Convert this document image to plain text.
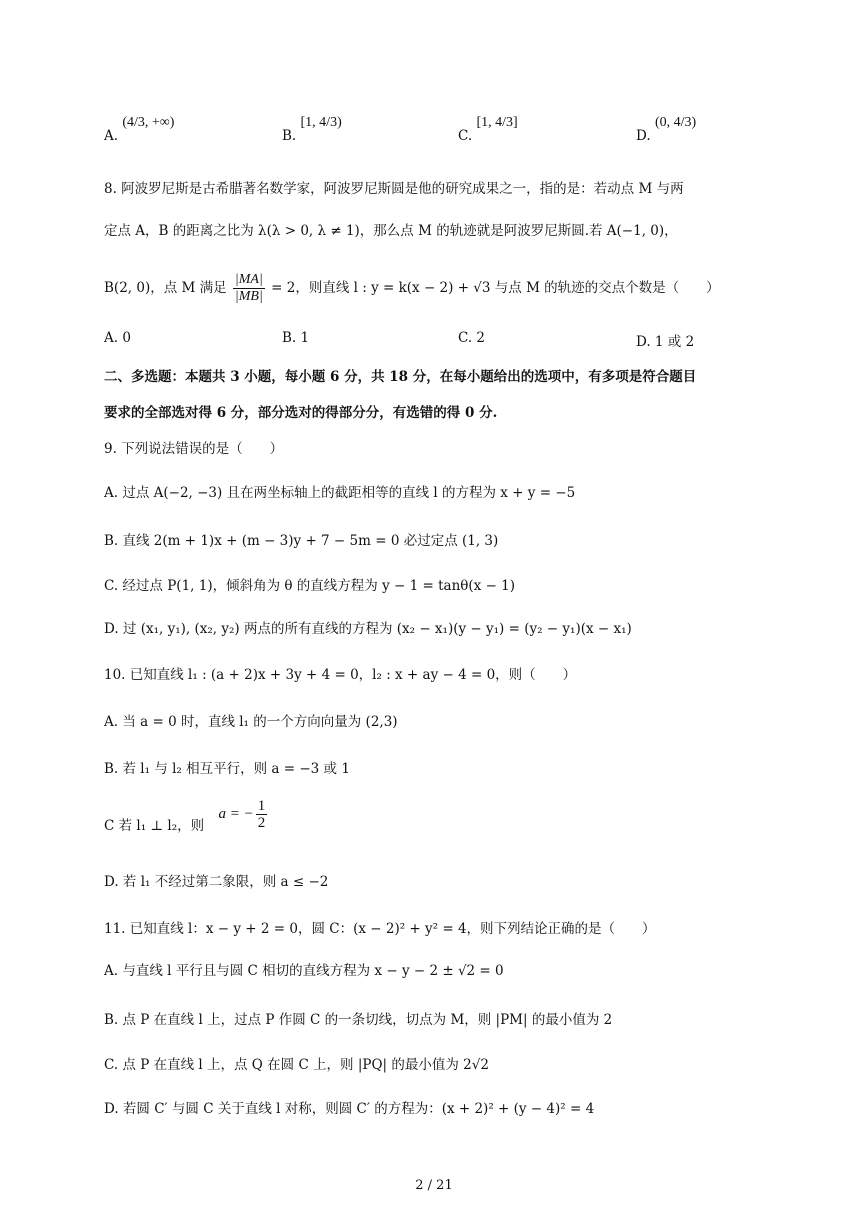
A. (4/3, +∞)
B. [1, 4/3)
C. [1, 4/3]
D. (0, 4/3)
8. 阿波罗尼斯是古希腊著名数学家，阿波罗尼斯圆是他的研究成果之一，指的是：若动点 M 与两
定点 A，B 的距离之比为 λ(λ > 0, λ ≠ 1)，那么点 M 的轨迹就是阿波罗尼斯圆.若 A(−1, 0)，
B(2, 0)，点 M 满足 $\frac{|MA|}{|MB|} = 2$，则直线 l : y = k(x − 2) + √3 与点 M 的轨迹的交点个数是（　　）
A. 0	B. 1	C. 2	D. 1 或 2
二、多选题：本题共 3 小题，每小题 6 分，共 18 分，在每小题给出的选项中，有多项是符合题目
要求的全部选对得 6 分，部分选对的得部分分，有选错的得 0 分.
9. 下列说法错误的是（　　）
A. 过点 A(−2, −3) 且在两坐标轴上的截距相等的直线 l 的方程为 x + y = −5
B. 直线 2(m + 1)x + (m − 3)y + 7 − 5m = 0 必过定点 (1, 3)
C. 经过点 P(1, 1)，倾斜角为 θ 的直线方程为 y − 1 = tanθ(x − 1)
D. 过 (x₁, y₁), (x₂, y₂) 两点的所有直线的方程为 (x₂ − x₁)(y − y₁) = (y₂ − y₁)(x − x₁)
10. 已知直线 l₁ : (a + 2)x + 3y + 4 = 0，l₂ : x + ay − 4 = 0，则（　　）
A. 当 a = 0 时，直线 l₁ 的一个方向向量为 (2,3)
B. 若 l₁ 与 l₂ 相互平行，则 a = −3 或 1
C 若 l₁ ⊥ l₂，则 a = − $\frac{1}{2}$
D. 若 l₁ 不经过第二象限，则 a ≤ −2
11. 已知直线 l：x − y + 2 = 0，圆 C：(x − 2)² + y² = 4，则下列结论正确的是（　　）
A. 与直线 l 平行且与圆 C 相切的直线方程为 x − y − 2 ± √2 = 0
B. 点 P 在直线 l 上，过点 P 作圆 C 的一条切线，切点为 M，则 |PM| 的最小值为 2
C. 点 P 在直线 l 上，点 Q 在圆 C 上，则 |PQ| 的最小值为 2√2
D. 若圆 C′ 与圆 C 关于直线 l 对称，则圆 C′ 的方程为：(x + 2)² + (y − 4)² = 4
2 / 21
